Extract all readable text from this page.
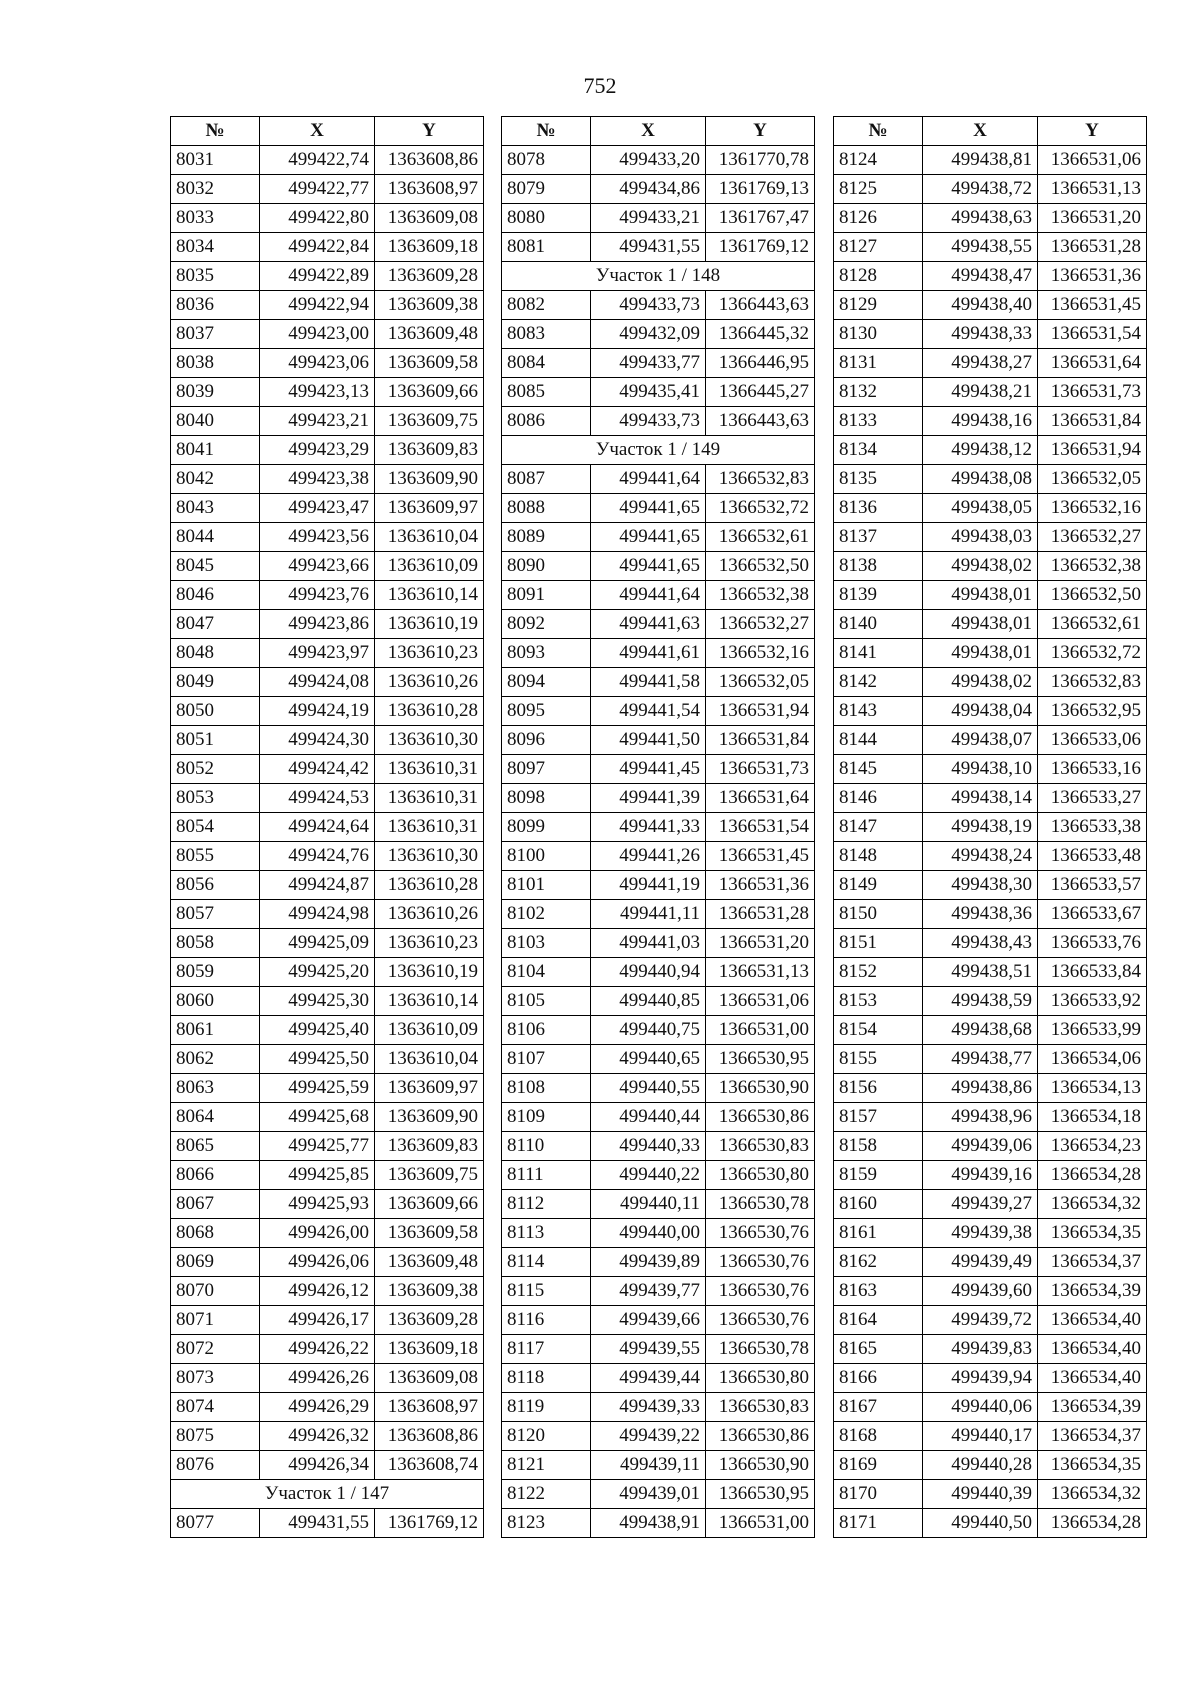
752
№	X	Y
8031	499422,74	1363608,86
8032	499422,77	1363608,97
8033	499422,80	1363609,08
8034	499422,84	1363609,18
8035	499422,89	1363609,28
8036	499422,94	1363609,38
8037	499423,00	1363609,48
8038	499423,06	1363609,58
8039	499423,13	1363609,66
8040	499423,21	1363609,75
8041	499423,29	1363609,83
8042	499423,38	1363609,90
8043	499423,47	1363609,97
8044	499423,56	1363610,04
8045	499423,66	1363610,09
8046	499423,76	1363610,14
8047	499423,86	1363610,19
8048	499423,97	1363610,23
8049	499424,08	1363610,26
8050	499424,19	1363610,28
8051	499424,30	1363610,30
8052	499424,42	1363610,31
8053	499424,53	1363610,31
8054	499424,64	1363610,31
8055	499424,76	1363610,30
8056	499424,87	1363610,28
8057	499424,98	1363610,26
8058	499425,09	1363610,23
8059	499425,20	1363610,19
8060	499425,30	1363610,14
8061	499425,40	1363610,09
8062	499425,50	1363610,04
8063	499425,59	1363609,97
8064	499425,68	1363609,90
8065	499425,77	1363609,83
8066	499425,85	1363609,75
8067	499425,93	1363609,66
8068	499426,00	1363609,58
8069	499426,06	1363609,48
8070	499426,12	1363609,38
8071	499426,17	1363609,28
8072	499426,22	1363609,18
8073	499426,26	1363609,08
8074	499426,29	1363608,97
8075	499426,32	1363608,86
8076	499426,34	1363608,74
Участок 1 / 147		
8077	499431,55	1361769,12
№	X	Y
8078	499433,20	1361770,78
8079	499434,86	1361769,13
8080	499433,21	1361767,47
8081	499431,55	1361769,12
Участок 1 / 148		
8082	499433,73	1366443,63
8083	499432,09	1366445,32
8084	499433,77	1366446,95
8085	499435,41	1366445,27
8086	499433,73	1366443,63
Участок 1 / 149		
8087	499441,64	1366532,83
8088	499441,65	1366532,72
8089	499441,65	1366532,61
8090	499441,65	1366532,50
8091	499441,64	1366532,38
8092	499441,63	1366532,27
8093	499441,61	1366532,16
8094	499441,58	1366532,05
8095	499441,54	1366531,94
8096	499441,50	1366531,84
8097	499441,45	1366531,73
8098	499441,39	1366531,64
8099	499441,33	1366531,54
8100	499441,26	1366531,45
8101	499441,19	1366531,36
8102	499441,11	1366531,28
8103	499441,03	1366531,20
8104	499440,94	1366531,13
8105	499440,85	1366531,06
8106	499440,75	1366531,00
8107	499440,65	1366530,95
8108	499440,55	1366530,90
8109	499440,44	1366530,86
8110	499440,33	1366530,83
8111	499440,22	1366530,80
8112	499440,11	1366530,78
8113	499440,00	1366530,76
8114	499439,89	1366530,76
8115	499439,77	1366530,76
8116	499439,66	1366530,76
8117	499439,55	1366530,78
8118	499439,44	1366530,80
8119	499439,33	1366530,83
8120	499439,22	1366530,86
8121	499439,11	1366530,90
8122	499439,01	1366530,95
8123	499438,91	1366531,00
№	X	Y
8124	499438,81	1366531,06
8125	499438,72	1366531,13
8126	499438,63	1366531,20
8127	499438,55	1366531,28
8128	499438,47	1366531,36
8129	499438,40	1366531,45
8130	499438,33	1366531,54
8131	499438,27	1366531,64
8132	499438,21	1366531,73
8133	499438,16	1366531,84
8134	499438,12	1366531,94
8135	499438,08	1366532,05
8136	499438,05	1366532,16
8137	499438,03	1366532,27
8138	499438,02	1366532,38
8139	499438,01	1366532,50
8140	499438,01	1366532,61
8141	499438,01	1366532,72
8142	499438,02	1366532,83
8143	499438,04	1366532,95
8144	499438,07	1366533,06
8145	499438,10	1366533,16
8146	499438,14	1366533,27
8147	499438,19	1366533,38
8148	499438,24	1366533,48
8149	499438,30	1366533,57
8150	499438,36	1366533,67
8151	499438,43	1366533,76
8152	499438,51	1366533,84
8153	499438,59	1366533,92
8154	499438,68	1366533,99
8155	499438,77	1366534,06
8156	499438,86	1366534,13
8157	499438,96	1366534,18
8158	499439,06	1366534,23
8159	499439,16	1366534,28
8160	499439,27	1366534,32
8161	499439,38	1366534,35
8162	499439,49	1366534,37
8163	499439,60	1366534,39
8164	499439,72	1366534,40
8165	499439,83	1366534,40
8166	499439,94	1366534,40
8167	499440,06	1366534,39
8168	499440,17	1366534,37
8169	499440,28	1366534,35
8170	499440,39	1366534,32
8171	499440,50	1366534,28
